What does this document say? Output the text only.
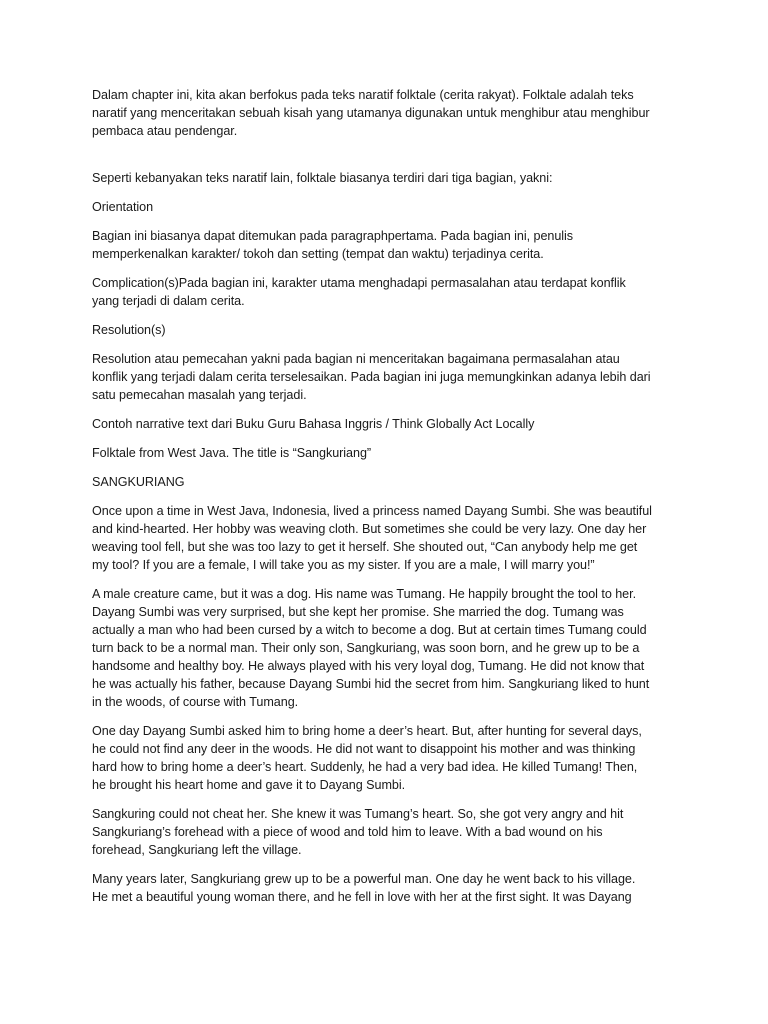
Dalam chapter ini, kita akan berfokus pada teks naratif folktale (cerita rakyat). Folktale adalah teks
naratif yang menceritakan sebuah kisah yang utamanya digunakan untuk menghibur atau menghibur
pembaca atau pendengar.

Seperti kebanyakan teks naratif lain, folktale biasanya terdiri dari tiga bagian, yakni:

Orientation

Bagian ini biasanya dapat ditemukan pada paragraphpertama. Pada bagian ini, penulis
memperkenalkan karakter/ tokoh dan setting (tempat dan waktu) terjadinya cerita.

Complication(s)Pada bagian ini, karakter utama menghadapi permasalahan atau terdapat konflik
yang terjadi di dalam cerita.

Resolution(s)

Resolution atau pemecahan yakni pada bagian ni menceritakan bagaimana permasalahan atau
konflik yang terjadi dalam cerita terselesaikan. Pada bagian ini juga memungkinkan adanya lebih dari
satu pemecahan masalah yang terjadi.

Contoh narrative text dari Buku Guru Bahasa Inggris / Think Globally Act Locally

Folktale from West Java. The title is “Sangkuriang”

SANGKURIANG

Once upon a time in West Java, Indonesia, lived a princess named Dayang Sumbi. She was beautiful
and kind-hearted. Her hobby was weaving cloth. But sometimes she could be very lazy. One day her
weaving tool fell, but she was too lazy to get it herself. She shouted out, “Can anybody help me get
my tool? If you are a female, I will take you as my sister. If you are a male, I will marry you!”

A male creature came, but it was a dog. His name was Tumang. He happily brought the tool to her.
Dayang Sumbi was very surprised, but she kept her promise. She married the dog. Tumang was
actually a man who had been cursed by a witch to become a dog. But at certain times Tumang could
turn back to be a normal man. Their only son, Sangkuriang, was soon born, and he grew up to be a
handsome and healthy boy. He always played with his very loyal dog, Tumang. He did not know that
he was actually his father, because Dayang Sumbi hid the secret from him. Sangkuriang liked to hunt
in the woods, of course with Tumang.

One day Dayang Sumbi asked him to bring home a deer’s heart. But, after hunting for several days,
he could not find any deer in the woods. He did not want to disappoint his mother and was thinking
hard how to bring home a deer’s heart. Suddenly, he had a very bad idea. He killed Tumang! Then,
he brought his heart home and gave it to Dayang Sumbi.

Sangkuring could not cheat her. She knew it was Tumang’s heart. So, she got very angry and hit
Sangkuriang’s forehead with a piece of wood and told him to leave. With a bad wound on his
forehead, Sangkuriang left the village.

Many years later, Sangkuriang grew up to be a powerful man. One day he went back to his village.
He met a beautiful young woman there, and he fell in love with her at the first sight. It was Dayang
